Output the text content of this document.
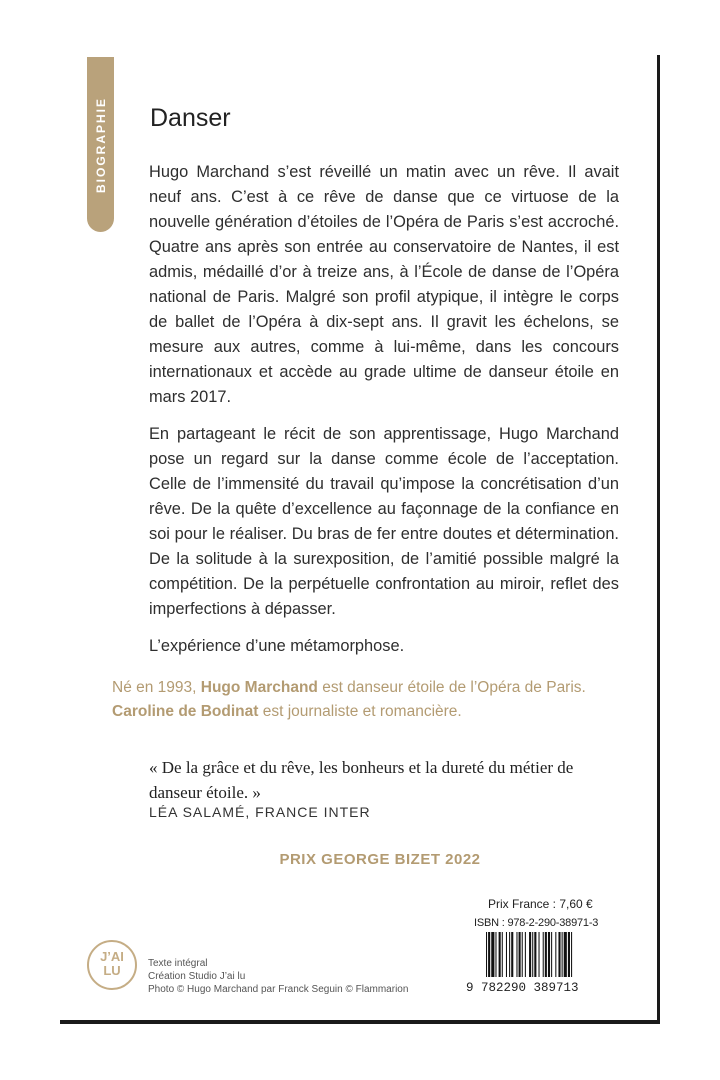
BIOGRAPHIE Danser

Hugo Marchand s’est réveillé un matin avec un rêve. Il avait neuf ans. C’est à ce rêve de danse que ce virtuose de la nouvelle génération d’étoiles de l’Opéra de Paris s’est accroché. Quatre ans après son entrée au conservatoire de Nantes, il est admis, médaillé d’or à treize ans, à l’École de danse de l’Opéra national de Paris. Malgré son profil atypique, il intègre le corps de ballet de l’Opéra à dix-sept ans. Il gravit les échelons, se mesure aux autres, comme à lui-même, dans les concours internationaux et accède au grade ultime de danseur étoile en mars 2017.

En partageant le récit de son apprentissage, Hugo Marchand pose un regard sur la danse comme école de l’acceptation. Celle de l’immensité du travail qu’impose la concrétisation d’un rêve. De la quête d’excellence au façonnage de la confiance en soi pour le réaliser. Du bras de fer entre doutes et détermination. De la solitude à la surexposition, de l’amitié possible malgré la compétition. De la perpétuelle confrontation au miroir, reflet des imperfections à dépasser.

L’expérience d’une métamorphose.

Né en 1993, Hugo Marchand est danseur étoile de l’Opéra de Paris.
Caroline de Bodinat est journaliste et romancière.
« De la grâce et du rêve, les bonheurs et la dureté du métier de danseur étoile. »
LÉA SALAMÉ, FRANCE INTER
PRIX GEORGE BIZET 2022
J’AI
LU	Texte intégral
Création Studio J’ai lu
Photo © Hugo Marchand par Franck Seguin © Flammarion
Prix France : 7,60 €
ISBN : 978-2-290-38971-3
9 782290 389713
